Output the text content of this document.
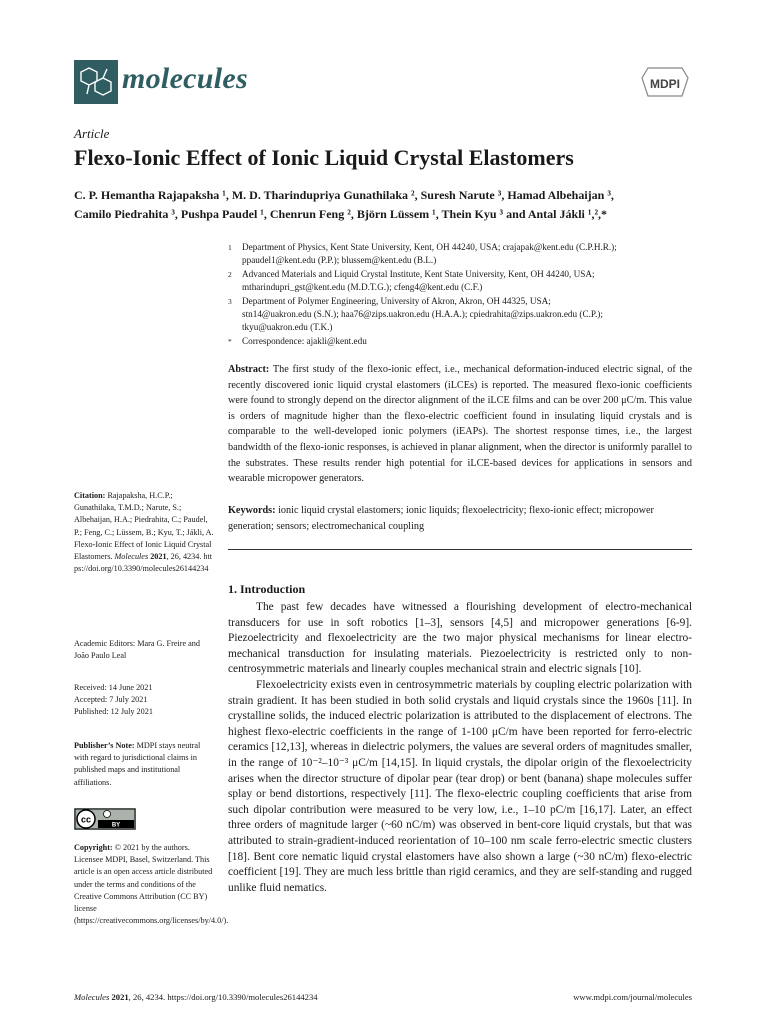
molecules	MDPI
Article
Flexo-Ionic Effect of Ionic Liquid Crystal Elastomers
C. P. Hemantha Rajapaksha ¹, M. D. Tharindupriya Gunathilaka ², Suresh Narute ³, Hamad Albehaijan ³,
Camilo Piedrahita ³, Pushpa Paudel ¹, Chenrun Feng ², Björn Lüssem ¹, Thein Kyu ³ and Antal Jákli ¹,²,*
1	Department of Physics, Kent State University, Kent, OH 44240, USA; crajapak@kent.edu (C.P.H.R.);
ppaudel1@kent.edu (P.P.); blussem@kent.edu (B.L.)
2	Advanced Materials and Liquid Crystal Institute, Kent State University, Kent, OH 44240, USA;
mtharindupri_gst@kent.edu (M.D.T.G.); cfeng4@kent.edu (C.F.)
3	Department of Polymer Engineering, University of Akron, Akron, OH 44325, USA;
stn14@uakron.edu (S.N.); haa76@zips.uakron.edu (H.A.A.); cpiedrahita@zips.uakron.edu (C.P.);
tkyu@uakron.edu (T.K.)
*	Correspondence: ajakli@kent.edu
Abstract: The first study of the flexo-ionic effect, i.e., mechanical deformation-induced electric signal, of the recently discovered ionic liquid crystal elastomers (iLCEs) is reported. The measured flexo-ionic coefficients were found to strongly depend on the director alignment of the iLCE films and can be over 200 μC/m. This value is orders of magnitude higher than the flexo-electric coefficient found in insulating liquid crystals and is comparable to the well-developed ionic polymers (iEAPs). The shortest response times, i.e., the largest bandwidth of the flexo-ionic responses, is achieved in planar alignment, when the director is uniformly parallel to the substrates. These results render high potential for iLCE-based devices for applications in sensors and wearable micropower generators.
Keywords: ionic liquid crystal elastomers; ionic liquids; flexoelectricity; flexo-ionic effect; micropower generation; sensors; electromechanical coupling
Citation: Rajapaksha, H.C.P.; Gunathilaka, T.M.D.; Narute, S.; Albehaijan, H.A.; Piedrahita, C.; Paudel, P.; Feng, C.; Lüssem, B.; Kyu, T.; Jákli, A. Flexo-Ionic Effect of Ionic Liquid Crystal Elastomers. Molecules 2021, 26, 4234. https://doi.org/10.3390/molecules26144234
Academic Editors: Mara G. Freire and João Paulo Leal
Received: 14 June 2021
Accepted: 7 July 2021
Published: 12 July 2021
Publisher’s Note: MDPI stays neutral with regard to jurisdictional claims in published maps and institutional affiliations.
cc
BY
Copyright: © 2021 by the authors. Licensee MDPI, Basel, Switzerland. This article is an open access article distributed under the terms and conditions of the Creative Commons Attribution (CC BY) license (https://creativecommons.org/licenses/by/4.0/).
1. Introduction

The past few decades have witnessed a flourishing development of electro-mechanical transducers for use in soft robotics [1–3], sensors [4,5] and micropower generations [6-9]. Piezoelectricity and flexoelectricity are the two major physical mechanisms for linear electro-mechanical transduction for insulating materials. Piezoelectricity is restricted only to non-centrosymmetric materials and linearly couples mechanical strain and electric signals [10].

Flexoelectricity exists even in centrosymmetric materials by coupling electric polarization with strain gradient. It has been studied in both solid crystals and liquid crystals since the 1960s [11]. In crystalline solids, the induced electric polarization is attributed to the displacement of electrons. The highest flexo-electric coefficients in the range of 1-100 μC/m have been reported for ferro-electric ceramics [12,13], whereas in dielectric polymers, the values are several orders of magnitudes smaller, in the range of 10⁻²–10⁻³ μC/m [14,15]. In liquid crystals, the dipolar origin of the flexoelectricity arises when the director structure of dipolar pear (tear drop) or bent (banana) shape molecules suffer splay or bend distortions, respectively [11]. The flexo-electric coupling coefficients that arise from such dipolar contribution were measured to be very low, i.e., 1–10 pC/m [16,17]. Later, an effect three orders of magnitude larger (~60 nC/m) was observed in bent-core liquid crystals, but that was attributed to strain-gradient-induced reorientation of 10–100 nm scale ferro-electric smectic clusters [18]. Bent core nematic liquid crystal elastomers have also shown a large (~30 nC/m) flexo-electric coefficient [19]. They are much less brittle than rigid ceramics, and they are self-standing and rugged unlike fluid nematics.

Molecules 2021, 26, 4234. https://doi.org/10.3390/molecules26144234	www.mdpi.com/journal/molecules
